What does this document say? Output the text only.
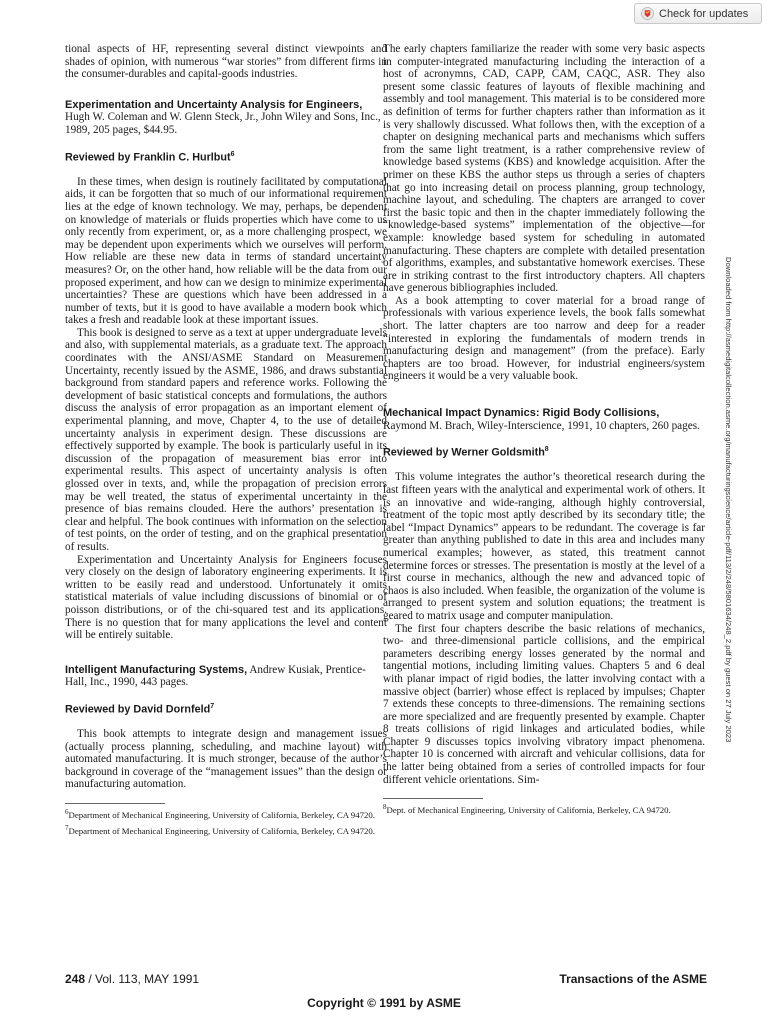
Check for updates
Downloaded from http://asmedigitalcollection.asme.org/manufacturingscience/article-pdf/113/2/248/5801634/248_2.pdf by guest on 27 July 2023

tional aspects of HF, representing several distinct viewpoints and shades of opinion, with numerous “war stories” from different firms in the consumer-durables and capital-goods industries.

Experimentation and Uncertainty Analysis for Engineers, Hugh W. Coleman and W. Glenn Steck, Jr., John Wiley and Sons, Inc., 1989, 205 pages, $44.95.

Reviewed by Franklin C. Hurlbut$^6$

In these times, when design is routinely facilitated by computational aids, it can be forgotten that so much of our informational requirement lies at the edge of known technology. We may, perhaps, be dependent on knowledge of materials or fluids properties which have come to us only recently from experiment, or, as a more challenging prospect, we may be dependent upon experiments which we ourselves will perform. How reliable are these new data in terms of standard uncertainty measures? Or, on the other hand, how reliable will be the data from our proposed experiment, and how can we design to minimize experimental uncertainties? These are questions which have been addressed in a number of texts, but it is good to have available a modern book which takes a fresh and readable look at these important issues.

This book is designed to serve as a text at upper undergraduate levels and also, with supplemental materials, as a graduate text. The approach coordinates with the ANSI/ASME Standard on Measurement Uncertainty, recently issued by the ASME, 1986, and draws substantial background from standard papers and reference works. Following the development of basic statistical concepts and formulations, the authors discuss the analysis of error propagation as an important element of experimental planning, and move, Chapter 4, to the use of detailed uncertainty analysis in experiment design. These discussions are effectively supported by example. The book is particularly useful in its discussion of the propagation of measurement bias error into experimental results. This aspect of uncertainty analysis is often glossed over in texts, and, while the propagation of precision errors may be well treated, the status of experimental uncertainty in the presence of bias remains clouded. Here the authors’ presentation is clear and helpful. The book continues with information on the selection of test points, on the order of testing, and on the graphical presentation of results.

Experimentation and Uncertainty Analysis for Engineers focuses very closely on the design of laboratory engineering experiments. It is written to be easily read and understood. Unfortunately it omits statistical materials of value including discussions of binomial or of poisson distributions, or of the chi-squared test and its applications. There is no question that for many applications the level and content will be entirely suitable.

Intelligent Manufacturing Systems, Andrew Kusiak, Prentice-Hall, Inc., 1990, 443 pages.

Reviewed by David Dornfeld$^7$

This book attempts to integrate design and management issues (actually process planning, scheduling, and machine layout) with automated manufacturing. It is much stronger, because of the author’s background in coverage of the “management issues” than the design or manufacturing automation.

$^6$Department of Mechanical Engineering, University of California, Berkeley, CA 94720.

$^7$Department of Mechanical Engineering, University of California, Berkeley, CA 94720.

The early chapters familiarize the reader with some very basic aspects in computer-integrated manufacturing including the interaction of a host of acronymns, CAD, CAPP, CAM, CAQC, ASR. They also present some classic features of layouts of flexible machining and assembly and tool management. This material is to be considered more as definition of terms for further chapters rather than information as it is very shallowly discussed. What follows then, with the exception of a chapter on designing mechanical parts and mechanisms which suffers from the same light treatment, is a rather comprehensive review of knowledge based systems (KBS) and knowledge acquisition. After the primer on these KBS the author steps us through a series of chapters that go into increasing detail on process planning, group technology, machine layout, and scheduling. The chapters are arranged to cover first the basic topic and then in the chapter immediately following the “knowledge-based systems” implementation of the objective—for example: knowledge based system for scheduling in automated manufacturing. These chapters are complete with detailed presentation of algorithms, examples, and substantative homework exercises. These are in striking contrast to the first introductory chapters. All chapters have generous bibliographies included.

As a book attempting to cover material for a broad range of professionals with various experience levels, the book falls somewhat short. The latter chapters are too narrow and deep for a reader “interested in exploring the fundamentals of modern trends in manufacturing design and management” (from the preface). Early chapters are too broad. However, for industrial engineers/system engineers it would be a very valuable book.

Mechanical Impact Dynamics: Rigid Body Collisions, Raymond M. Brach, Wiley-Interscience, 1991, 10 chapters, 260 pages.

Reviewed by Werner Goldsmith$^8$

This volume integrates the author’s theoretical research during the last fifteen years with the analytical and experimental work of others. It is an innovative and wide-ranging, although highly controversial, treatment of the topic most aptly described by its secondary title; the label “Impact Dynamics” appears to be redundant. The coverage is far greater than anything published to date in this area and includes many numerical examples; however, as stated, this treatment cannot determine forces or stresses. The presentation is mostly at the level of a first course in mechanics, although the new and advanced topic of chaos is also included. When feasible, the organization of the volume is arranged to present system and solution equations; the treatment is geared to matrix usage and computer manipulation.

The first four chapters describe the basic relations of mechanics, two- and three-dimensional particle collisions, and the empirical parameters describing energy losses generated by the normal and tangential motions, including limiting values. Chapters 5 and 6 deal with planar impact of rigid bodies, the latter involving contact with a massive object (barrier) whose effect is replaced by impulses; Chapter 7 extends these concepts to three-dimensions. The remaining sections are more specialized and are frequently presented by example. Chapter 8 treats collisions of rigid linkages and articulated bodies, while Chapter 9 discusses topics involving vibratory impact phenomena. Chapter 10 is concerned with aircraft and vehicular collisions, data for the latter being obtained from a series of controlled impacts for four different vehicle orientations. Sim-

$^8$Dept. of Mechanical Engineering, University of California, Berkeley, CA 94720.

248 / Vol. 113, MAY 1991	Transactions of the ASME
Copyright © 1991 by ASME
